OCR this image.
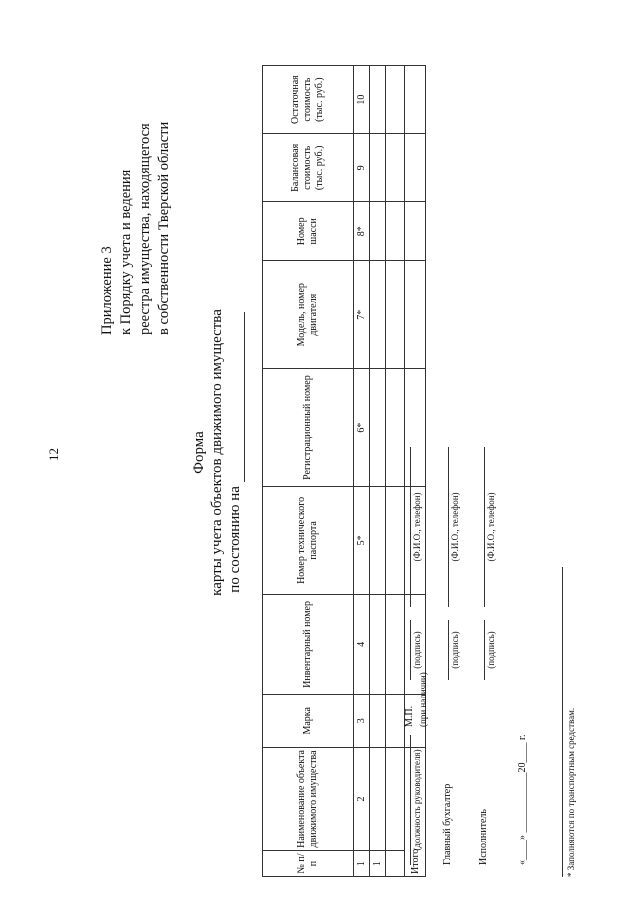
12
Приложение 3 к Порядку учета и ведения реестра имущества, находящегося в собственности Тверской области
Форма карты учета объектов движимого имущества по состоянию на
№ п/п	Наименование объекта движимого имущества	Марка	Инвентарный номер	Номер технического паспорта	Регистрационный номер	Модель, номер двигателя	Номер шасси	Балансовая стоимость (тыс. руб.)	Остаточная стоимость (тыс. руб.)
1	2	3	4	5*	6*	7*	8*	9	10
1									

Итого									
(должность руководителя)
М.П. (при наличии)
(подпись)
(Ф.И.О., телефон)
Главный бухгалтер
(подпись)
(Ф.И.О., телефон)
Исполнитель
(подпись)
(Ф.И.О., телефон)
«____» ____________20____ г.	* Заполняются по транспортным средствам.
